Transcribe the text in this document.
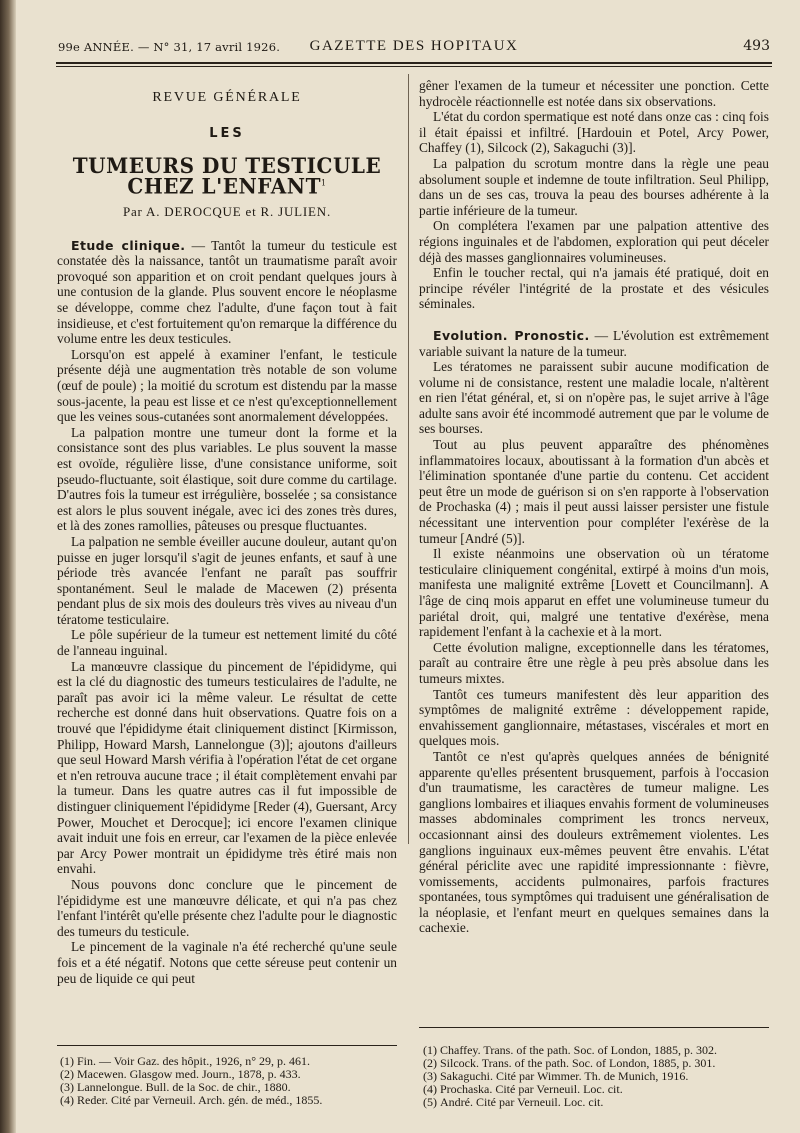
99e ANNÉE. — N° 31, 17 avril 1926.	GAZETTE DES HOPITAUX	493
REVUE GÉNÉRALE
LES
TUMEURS DU TESTICULE CHEZ L'ENFANT$^1$
Par A. DEROCQUE et R. JULIEN.

Etude clinique. — Tantôt la tumeur du testicule est constatée dès la naissance, tantôt un traumatisme paraît avoir provoqué son apparition et on croit pendant quelques jours à une contusion de la glande. Plus souvent encore le néoplasme se développe, comme chez l'adulte, d'une façon tout à fait insidieuse, et c'est fortuitement qu'on remarque la différence du volume entre les deux testicules.

Lorsqu'on est appelé à examiner l'enfant, le testicule présente déjà une augmentation très notable de son volume (œuf de poule) ; la moitié du scrotum est distendu par la masse sous-jacente, la peau est lisse et ce n'est qu'exceptionnellement que les veines sous-cutanées sont anormalement développées.

La palpation montre une tumeur dont la forme et la consistance sont des plus variables. Le plus souvent la masse est ovoïde, régulière lisse, d'une consistance uniforme, soit pseudo-fluctuante, soit élastique, soit dure comme du cartilage. D'autres fois la tumeur est irrégulière, bosselée ; sa consistance est alors le plus souvent inégale, avec ici des zones très dures, et là des zones ramollies, pâteuses ou presque fluctuantes.

La palpation ne semble éveiller aucune douleur, autant qu'on puisse en juger lorsqu'il s'agit de jeunes enfants, et sauf à une période très avancée l'enfant ne paraît pas souffrir spontanément. Seul le malade de Macewen (2) présenta pendant plus de six mois des douleurs très vives au niveau d'un tératome testiculaire.

Le pôle supérieur de la tumeur est nettement limité du côté de l'anneau inguinal.

La manœuvre classique du pincement de l'épididyme, qui est la clé du diagnostic des tumeurs testiculaires de l'adulte, ne paraît pas avoir ici la même valeur. Le résultat de cette recherche est donné dans huit observations. Quatre fois on a trouvé que l'épididyme était cliniquement distinct [Kirmisson, Philipp, Howard Marsh, Lannelongue (3)]; ajoutons d'ailleurs que seul Howard Marsh vérifia à l'opération l'état de cet organe et n'en retrouva aucune trace ; il était complètement envahi par la tumeur. Dans les quatre autres cas il fut impossible de distinguer cliniquement l'épididyme [Reder (4), Guersant, Arcy Power, Mouchet et Derocque]; ici encore l'examen clinique avait induit une fois en erreur, car l'examen de la pièce enlevée par Arcy Power montrait un épididyme très étiré mais non envahi.

Nous pouvons donc conclure que le pincement de l'épididyme est une manœuvre délicate, et qui n'a pas chez l'enfant l'intérêt qu'elle présente chez l'adulte pour le diagnostic des tumeurs du testicule.

Le pincement de la vaginale n'a été recherché qu'une seule fois et a été négatif. Notons que cette séreuse peut contenir un peu de liquide ce qui peut

gêner l'examen de la tumeur et nécessiter une ponction. Cette hydrocèle réactionnelle est notée dans six observations.

L'état du cordon spermatique est noté dans onze cas : cinq fois il était épaissi et infiltré. [Hardouin et Potel, Arcy Power, Chaffey (1), Silcock (2), Sakaguchi (3)].

La palpation du scrotum montre dans la règle une peau absolument souple et indemne de toute infiltration. Seul Philipp, dans un de ses cas, trouva la peau des bourses adhérente à la partie inférieure de la tumeur.

On complétera l'examen par une palpation attentive des régions inguinales et de l'abdomen, exploration qui peut déceler déjà des masses ganglionnaires volumineuses.

Enfin le toucher rectal, qui n'a jamais été pratiqué, doit en principe révéler l'intégrité de la prostate et des vésicules séminales.

Evolution. Pronostic. — L'évolution est extrêmement variable suivant la nature de la tumeur.

Les tératomes ne paraissent subir aucune modification de volume ni de consistance, restent une maladie locale, n'altèrent en rien l'état général, et, si on n'opère pas, le sujet arrive à l'âge adulte sans avoir été incommodé autrement que par le volume de ses bourses.

Tout au plus peuvent apparaître des phénomènes inflammatoires locaux, aboutissant à la formation d'un abcès et l'élimination spontanée d'une partie du contenu. Cet accident peut être un mode de guérison si on s'en rapporte à l'observation de Prochaska (4) ; mais il peut aussi laisser persister une fistule nécessitant une intervention pour compléter l'exérèse de la tumeur [André (5)].

Il existe néanmoins une observation où un tératome testiculaire cliniquement congénital, extirpé à moins d'un mois, manifesta une malignité extrême [Lovett et Councilmann]. A l'âge de cinq mois apparut en effet une volumineuse tumeur du pariétal droit, qui, malgré une tentative d'exérèse, mena rapidement l'enfant à la cachexie et à la mort.

Cette évolution maligne, exceptionnelle dans les tératomes, paraît au contraire être une règle à peu près absolue dans les tumeurs mixtes.

Tantôt ces tumeurs manifestent dès leur apparition des symptômes de malignité extrême : développement rapide, envahissement ganglionnaire, métastases, viscérales et mort en quelques mois.

Tantôt ce n'est qu'après quelques années de bénignité apparente qu'elles présentent brusquement, parfois à l'occasion d'un traumatisme, les caractères de tumeur maligne. Les ganglions lombaires et iliaques envahis forment de volumineuses masses abdominales compriment les troncs nerveux, occasionnant ainsi des douleurs extrêmement violentes. Les ganglions inguinaux eux-mêmes peuvent être envahis. L'état général périclite avec une rapidité impressionnante : fièvre, vomissements, accidents pulmonaires, parfois fractures spontanées, tous symptômes qui traduisent une généralisation de la néoplasie, et l'enfant meurt en quelques semaines dans la cachexie.

(1) Fin. — Voir Gaz. des hôpit., 1926, n° 29, p. 461.
(2) Macewen. Glasgow med. Journ., 1878, p. 433.
(3) Lannelongue. Bull. de la Soc. de chir., 1880.
(4) Reder. Cité par Verneuil. Arch. gén. de méd., 1855.
(1) Chaffey. Trans. of the path. Soc. of London, 1885, p. 302.
(2) Silcock. Trans. of the path. Soc. of London, 1885, p. 301.
(3) Sakaguchi. Cité par Wimmer. Th. de Munich, 1916.
(4) Prochaska. Cité par Verneuil. Loc. cit.
(5) André. Cité par Verneuil. Loc. cit.
